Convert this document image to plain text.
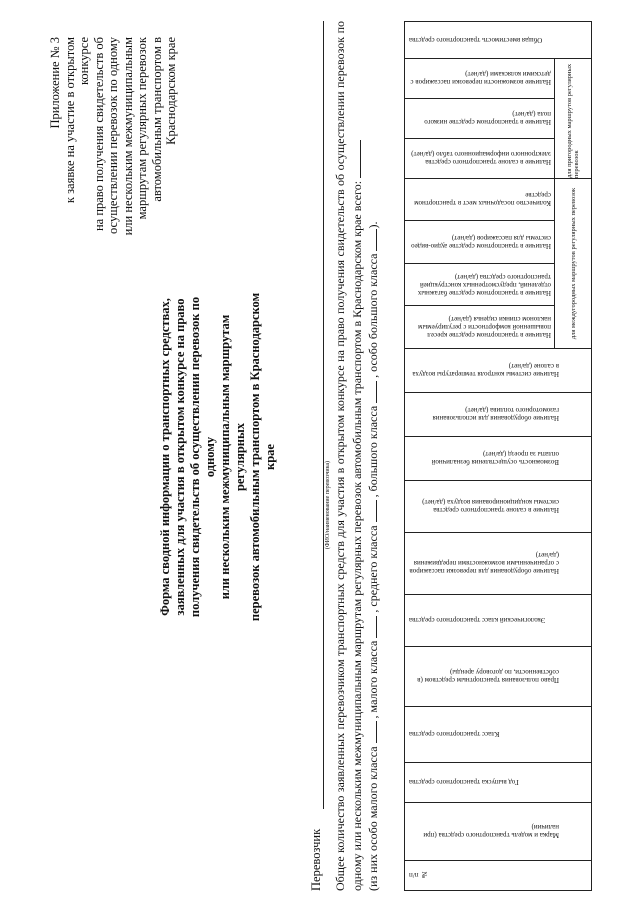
Приложение № 3 к заявке на участие в открытом конкурсе на право получения свидетельств об осуществлении перевозок по одному или нескольким межмуниципальным маршрутам регулярных перевозок автомобильным транспортом в Краснодарском крае
Форма сводной информации о транспортных средствах, заявленных для участия в открытом конкурсе на право получения свидетельств об осуществлении перевозок по одному или нескольким межмуниципальным маршрутам регулярных перевозок автомобильным транспортом в Краснодарском крае
Перевозчик
(ФИО/наименование перевозчика) Общее количество заявленных перевозчиком транспортных средств для участия в открытом конкурсе на право получения свидетельств об осуществлении перевозок по одному или нескольким межмуниципальным маршрутам регулярных перевозок автомобильным транспортом в Краснодарском крае всего: (из них особо малого класса  , малого класса  , среднего класса  , большого класса  , особо большого класса ).
№ п/п
Марка и модель транспортного средства (при наличии)
Год выпуска транспортного средства
Класс транспортного средства
Право пользования транспортным средством (в собственности, по договору аренды)
Экологический класс транспортного средства
Наличие оборудования для перевозки пассажиров с ограниченными возможностями передвижения (да/нет)
Наличие в салоне транспортного средства системы кондиционирования воздуха (да/нет)
Возможность осуществления безналичной оплаты за проезд (да/нет)
Наличие оборудования для использования газомоторного топлива (да/нет)
Наличие системы контроля температуры воздуха в салоне (да/нет)
Наличие в транспортном средстве кресел повышенной комфортности с регулируемым наклоном спинки сиденья (да/нет)
Наличие в транспортном средстве багажных отделений, предусмотренных конструкцией транспортного средства (да/нет)
Наличие в транспортном средстве аудио-видео системы для пассажиров (да/нет)
Количество посадочных мест в транспортном средстве	для междугородных маршрутов регулярных перевозок
Наличие в салоне транспортного средства электронного информационного табло (да/нет)
Наличие в транспортном средстве низкого пола (да/нет)
Наличие возможности перевозки пассажиров с детскими колясками (да/нет)	для пригородных маршрутов регулярных перевозок
Общая вместимость транспортного средства
